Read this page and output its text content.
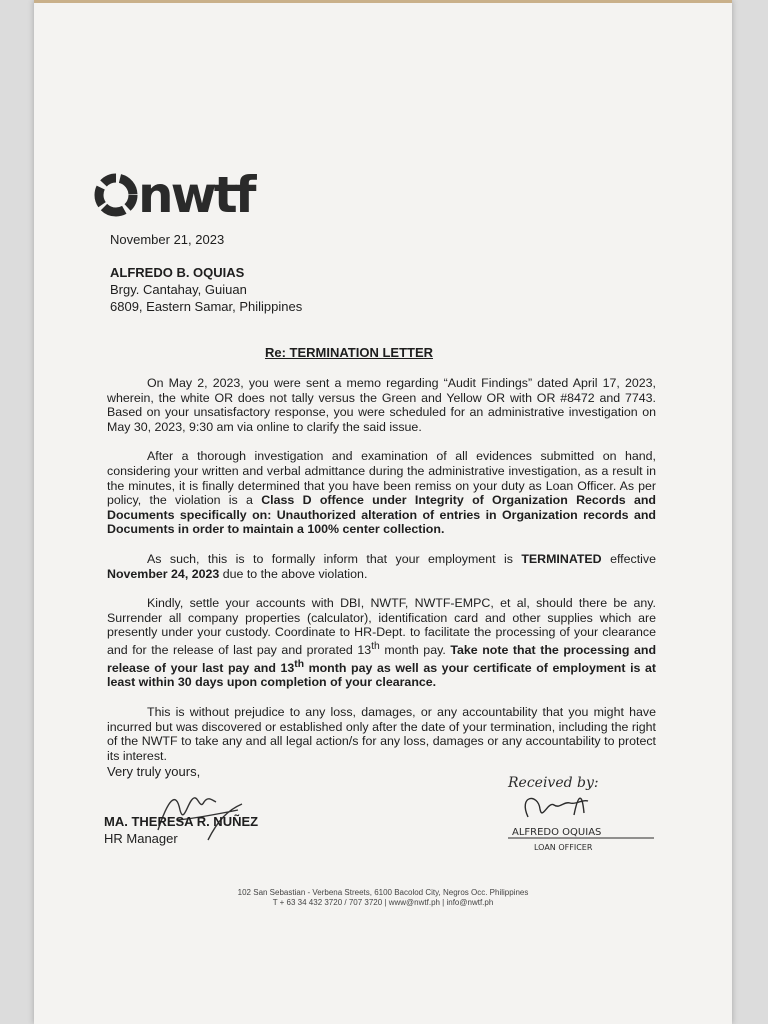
nwtf
November 21, 2023
ALFREDO B. OQUIAS
Brgy. Cantahay, Guiuan
6809, Eastern Samar, Philippines
Re: TERMINATION LETTER

On May 2, 2023, you were sent a memo regarding “Audit Findings” dated April 17, 2023, wherein, the white OR does not tally versus the Green and Yellow OR with OR #8472 and 7743. Based on your unsatisfactory response, you were scheduled for an administrative investigation on May 30, 2023, 9:30 am via online to clarify the said issue.

After a thorough investigation and examination of all evidences submitted on hand, considering your written and verbal admittance during the administrative investigation, as a result in the minutes, it is finally determined that you have been remiss on your duty as Loan Officer. As per policy, the violation is a Class D offence under Integrity of Organization Records and Documents specifically on: Unauthorized alteration of entries in Organization records and Documents in order to maintain a 100% center collection.

As such, this is to formally inform that your employment is TERMINATED effective November 24, 2023 due to the above violation.

Kindly, settle your accounts with DBI, NWTF, NWTF-EMPC, et al, should there be any. Surrender all company properties (calculator), identification card and other supplies which are presently under your custody. Coordinate to HR-Dept. to facilitate the processing of your clearance and for the release of last pay and prorated 13th month pay. Take note that the processing and release of your last pay and 13th month pay as well as your certificate of employment is at least within 30 days upon completion of your clearance.

This is without prejudice to any loss, damages, or any accountability that you might have incurred but was discovered or established only after the date of your termination, including the right of the NWTF to take any and all legal action/s for any loss, damages or any accountability to protect its interest.

Very truly yours,
MA. THERESA R. NUÑEZ
HR Manager
Received by:
ALFREDO OQUIAS
LOAN OFFICER
102 San Sebastian - Verbena Streets, 6100 Bacolod City, Negros Occ. Philippines
T + 63 34 432 3720 / 707 3720 | www@nwtf.ph | info@nwtf.ph
